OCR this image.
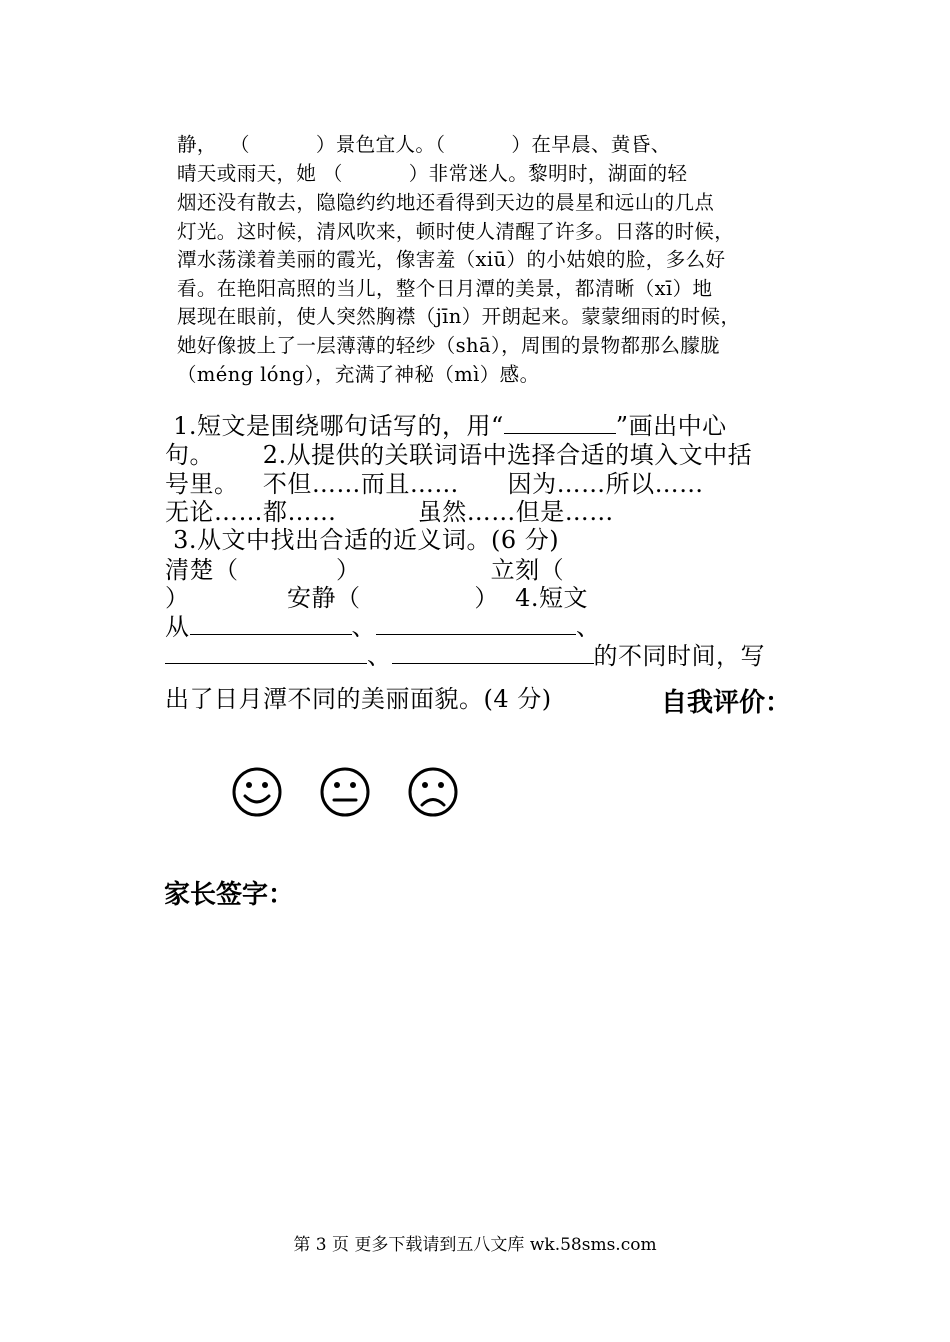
静，  （          ）景色宜人。（          ）在早晨、黄昏、
晴天或雨天，她 （          ）非常迷人。黎明时，湖面的轻
烟还没有散去，隐隐约约地还看得到天边的晨星和远山的几点
灯光。这时候，清风吹来，顿时使人清醒了许多。日落的时候，
潭水荡漾着美丽的霞光，像害羞（xiū）的小姑娘的脸，多么好
看。在艳阳高照的当儿，整个日月潭的美景，都清晰（xī）地
展现在眼前，使人突然胸襟（jīn）开朗起来。蒙蒙细雨的时候，
她好像披上了一层薄薄的轻纱（shā），周围的景物都那么朦胧
（méng lóng），充满了神秘（mì）感。
1.短文是围绕哪句话写的，用“	”画出中心
句。      2.从提供的关联词语中选择合适的填入文中括
号里。   不但……而且……      因为……所以……
无论……都……          虽然……但是……
3.从文中找出合适的近义词。(6 分)
清楚（            ）                立刻（
）            安静（              ）  4.短文
从	、	、
、	的不同时间，写
出了日月潭不同的美丽面貌。(4 分)	自我评价：
家长签字：
第 3 页 更多下载请到五八文库 wk.58sms.com
